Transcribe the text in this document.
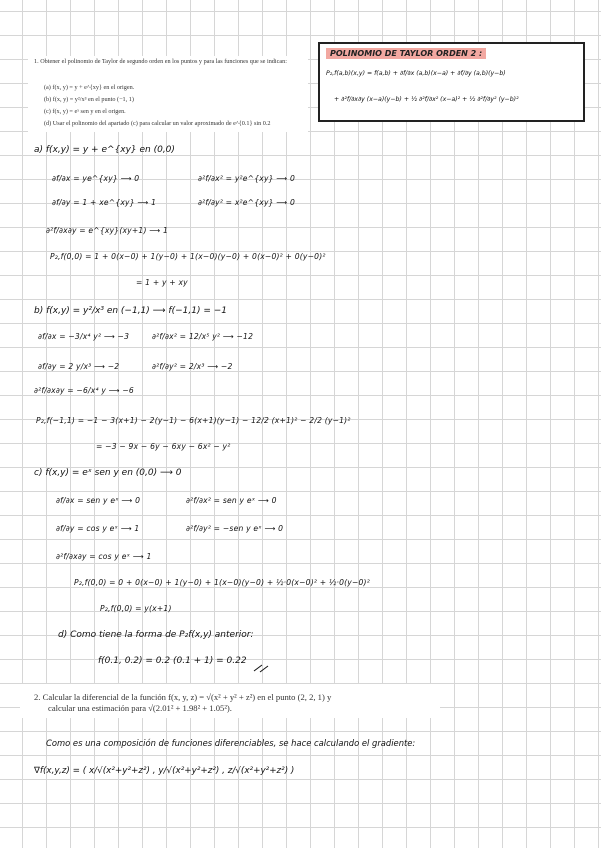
1. Obtener el polinomio de Taylor de segundo orden en los puntos y para las funciones que se indican:
(a) f(x, y) = y + e^{xy} en el origen.
(b) f(x, y) = y²/x³ en el punto (−1, 1)
(c) f(x, y) = eˣ sen y en el origen.
(d) Usar el polinomio del apartado (c) para calcular un valor aproximado de e^{0.1} sin 0.2
POLINOMIO DE TAYLOR ORDEN 2 :
P₂,f(a,b)(x,y) = f(a,b) + ∂f/∂x (a,b)(x−a) + ∂f/∂y (a,b)(y−b)
+ ∂²f/∂x∂y (x−a)(y−b) + ½ ∂²f/∂x² (x−a)² + ½ ∂²f/∂y² (y−b)²
a) f(x,y) = y + e^{xy} en (0,0)
∂f/∂x = ye^{xy} ⟶ 0	∂²f/∂x² = y²e^{xy} ⟶ 0
∂f/∂y = 1 + xe^{xy} ⟶ 1	∂²f/∂y² = x²e^{xy} ⟶ 0
∂²f/∂x∂y = e^{xy}(xy+1) ⟶ 1
P₂,f(0,0) = 1 + 0(x−0) + 1(y−0) + 1(x−0)(y−0) + 0(x−0)² + 0(y−0)²
= 1 + y + xy
b) f(x,y) = y²/x³ en (−1,1) ⟶ f(−1,1) = −1
∂f/∂x = −3/x⁴ y² ⟶ −3	∂²f/∂x² = 12/x⁵ y² ⟶ −12
∂f/∂y = 2 y/x³ ⟶ −2	∂²f/∂y² = 2/x³ ⟶ −2
∂²f/∂x∂y = −6/x⁴ y ⟶ −6
P₂,f(−1,1) = −1 − 3(x+1) − 2(y−1) − 6(x+1)(y−1) − 12/2 (x+1)² − 2/2 (y−1)²
= −3 − 9x − 6y − 6xy − 6x² − y²
c) f(x,y) = eˣ sen y en (0,0) ⟶ 0
∂f/∂x = sen y eˣ ⟶ 0	∂²f/∂x² = sen y eˣ ⟶ 0
∂f/∂y = cos y eˣ ⟶ 1	∂²f/∂y² = −sen y eˣ ⟶ 0
∂²f/∂x∂y = cos y eˣ ⟶ 1
P₂,f(0,0) = 0 + 0(x−0) + 1(y−0) + 1(x−0)(y−0) + ½·0(x−0)² + ½·0(y−0)²
P₂,f(0,0) = y(x+1)
d) Como tiene la forma de P₂f(x,y) anterior:
f(0.1, 0.2) = 0.2 (0.1 + 1) = 0.22
2. Calcular la diferencial de la función f(x, y, z) = √(x² + y² + z²) en el punto (2, 2, 1) y
calcular una estimación para √(2.01² + 1.98² + 1.05²).
Como es una composición de funciones diferenciables, se hace calculando el gradiente:
∇f(x,y,z) = ( x/√(x²+y²+z²) , y/√(x²+y²+z²) , z/√(x²+y²+z²) )
